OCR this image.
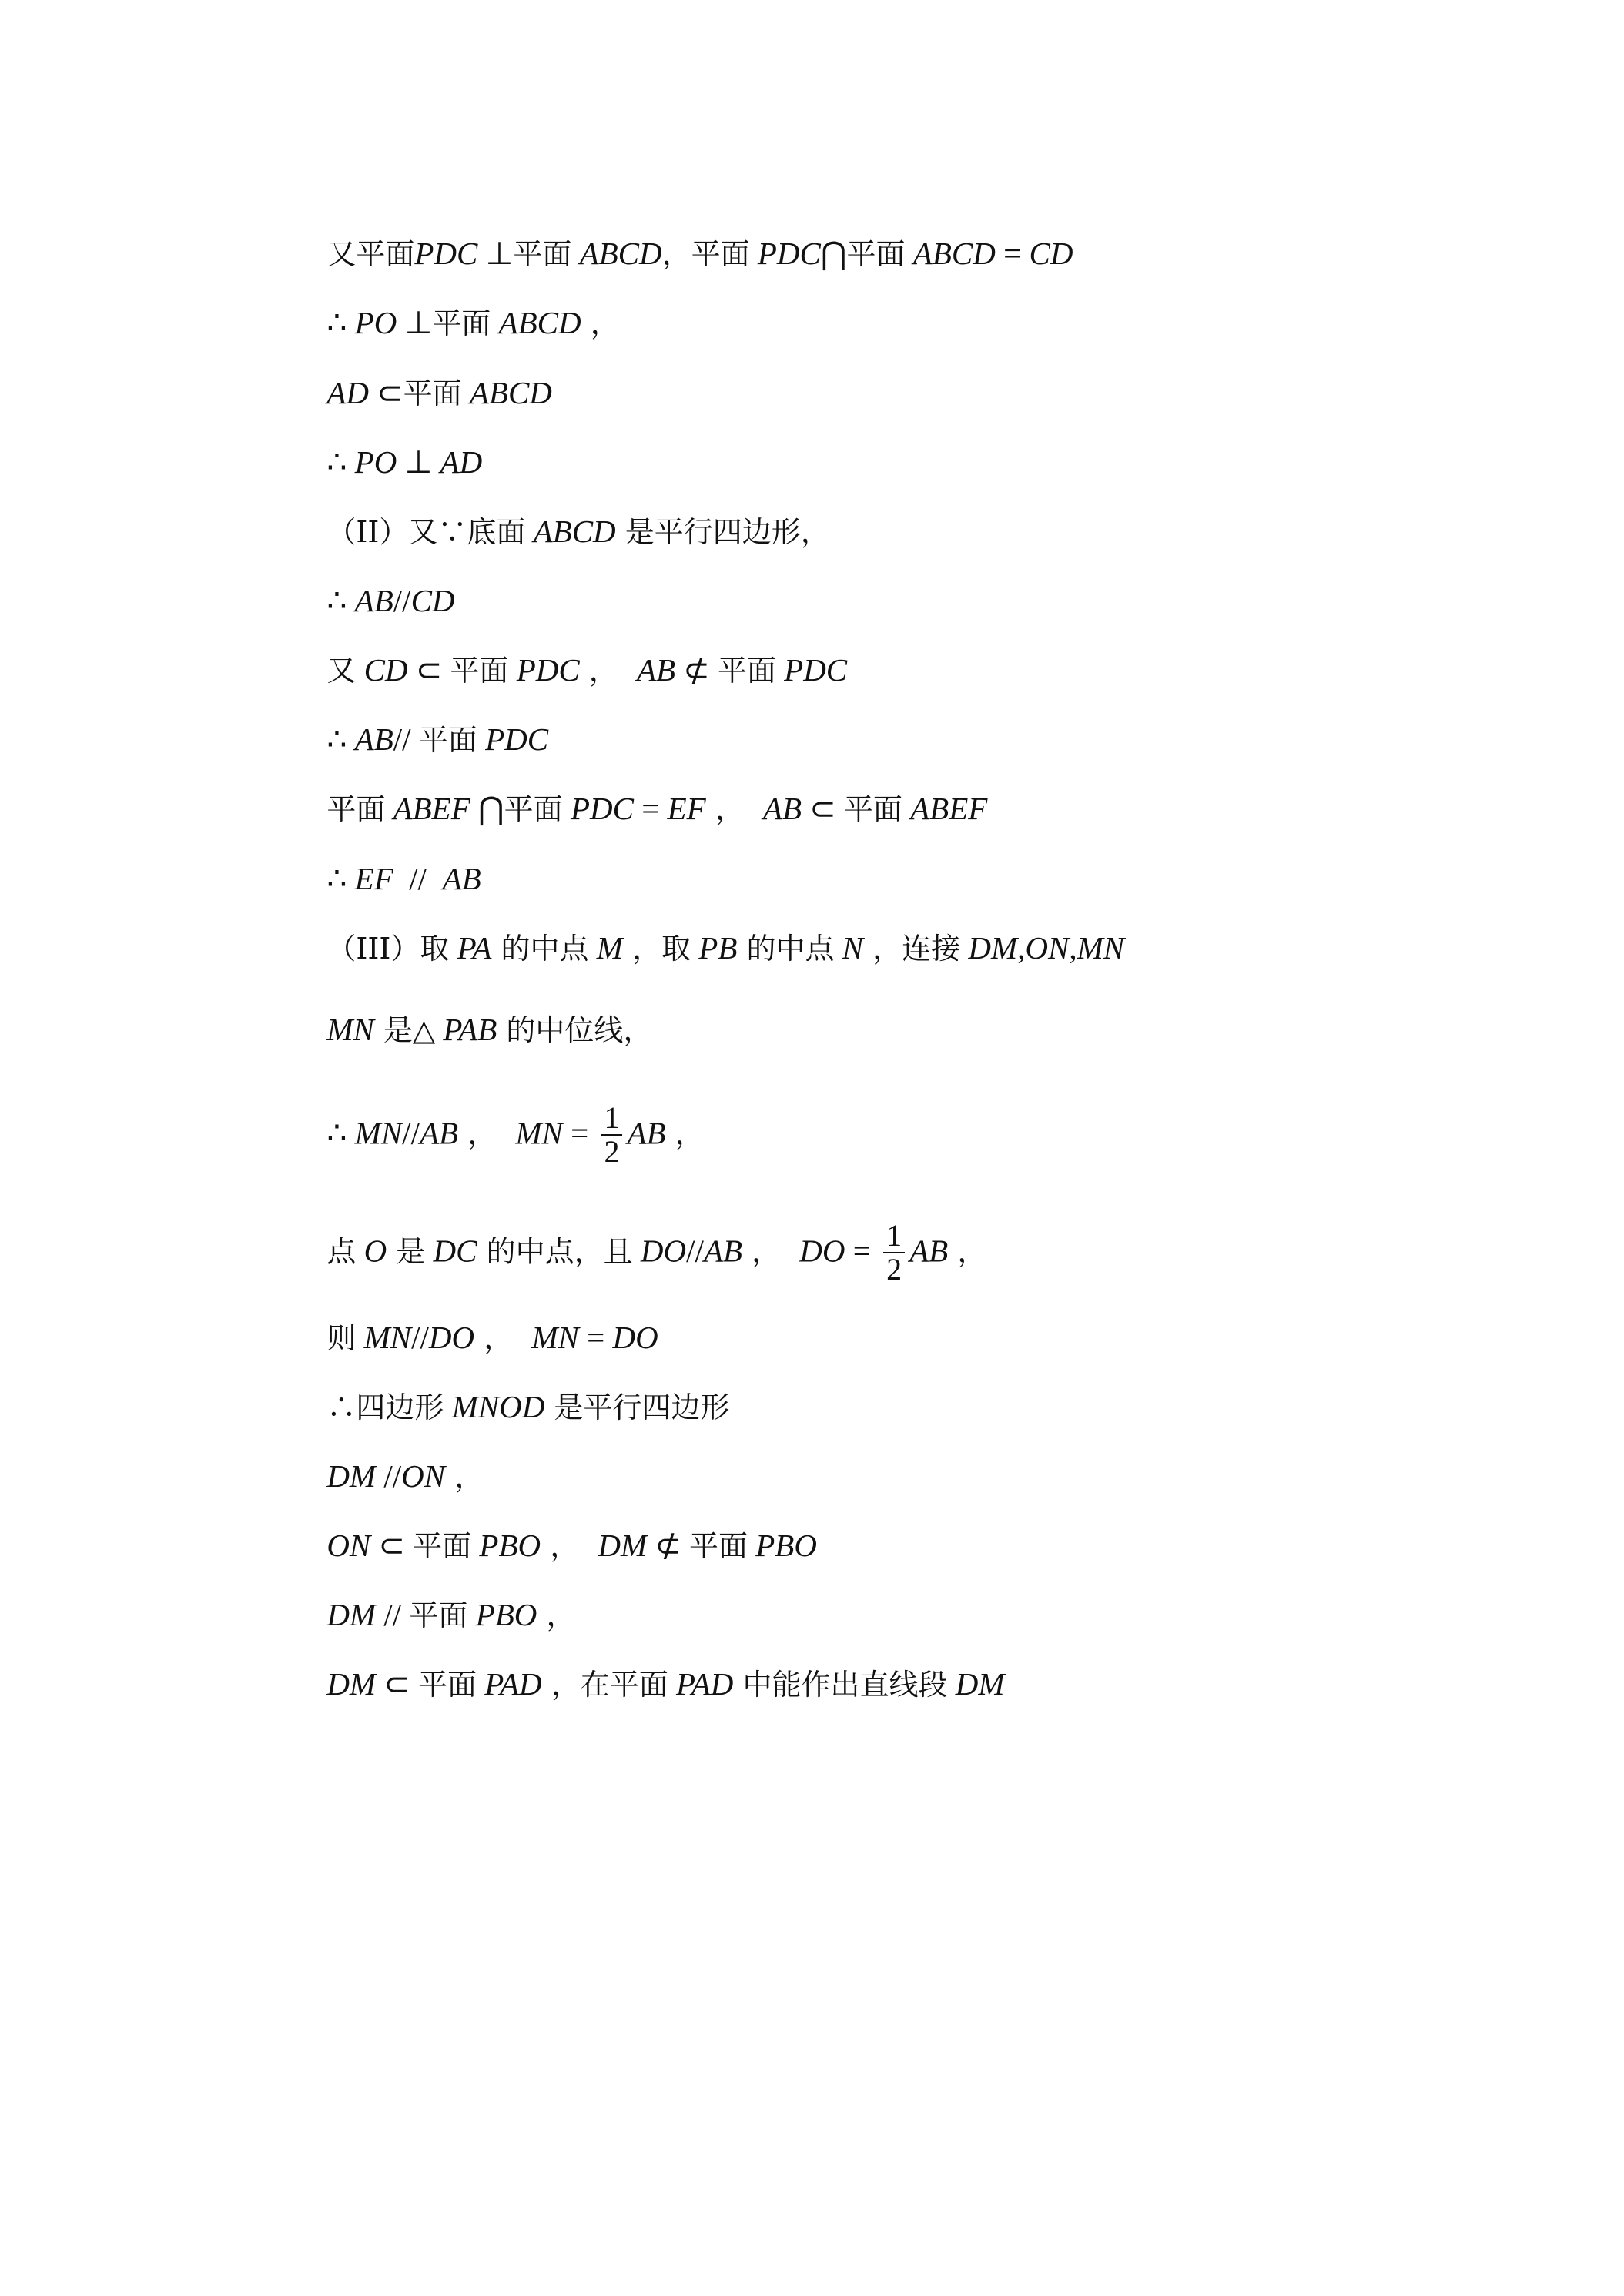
又平面PDC ⊥平面 ABCD，平面 PDC⋂平面 ABCD = CD

∴ PO ⊥平面 ABCD ，

AD ⊂平面 ABCD

∴ PO ⊥ AD

（II）又∵底面 ABCD 是平行四边形，

∴ AB//CD

又 CD ⊂ 平面 PDC ，  AB ⊄ 平面 PDC

∴ AB// 平面 PDC

平面 ABEF ⋂平面 PDC = EF ，  AB ⊂ 平面 ABEF

∴ EF  //  AB

（III）取 PA 的中点 M ，取 PB 的中点 N ，连接 DM,ON,MN

MN 是△ PAB 的中位线，

∴ MN//AB ，  MN = $\frac{1}{2}$ AB ，

点 O 是 DC 的中点，且 DO//AB ，  DO = $\frac{1}{2}$ AB ，

则 MN//DO ，  MN = DO

∴四边形 MNOD 是平行四边形

DM //ON ，

ON ⊂ 平面 PBO ，  DM ⊄ 平面 PBO

DM // 平面 PBO ，

DM ⊂ 平面 PAD ，在平面 PAD 中能作出直线段 DM
